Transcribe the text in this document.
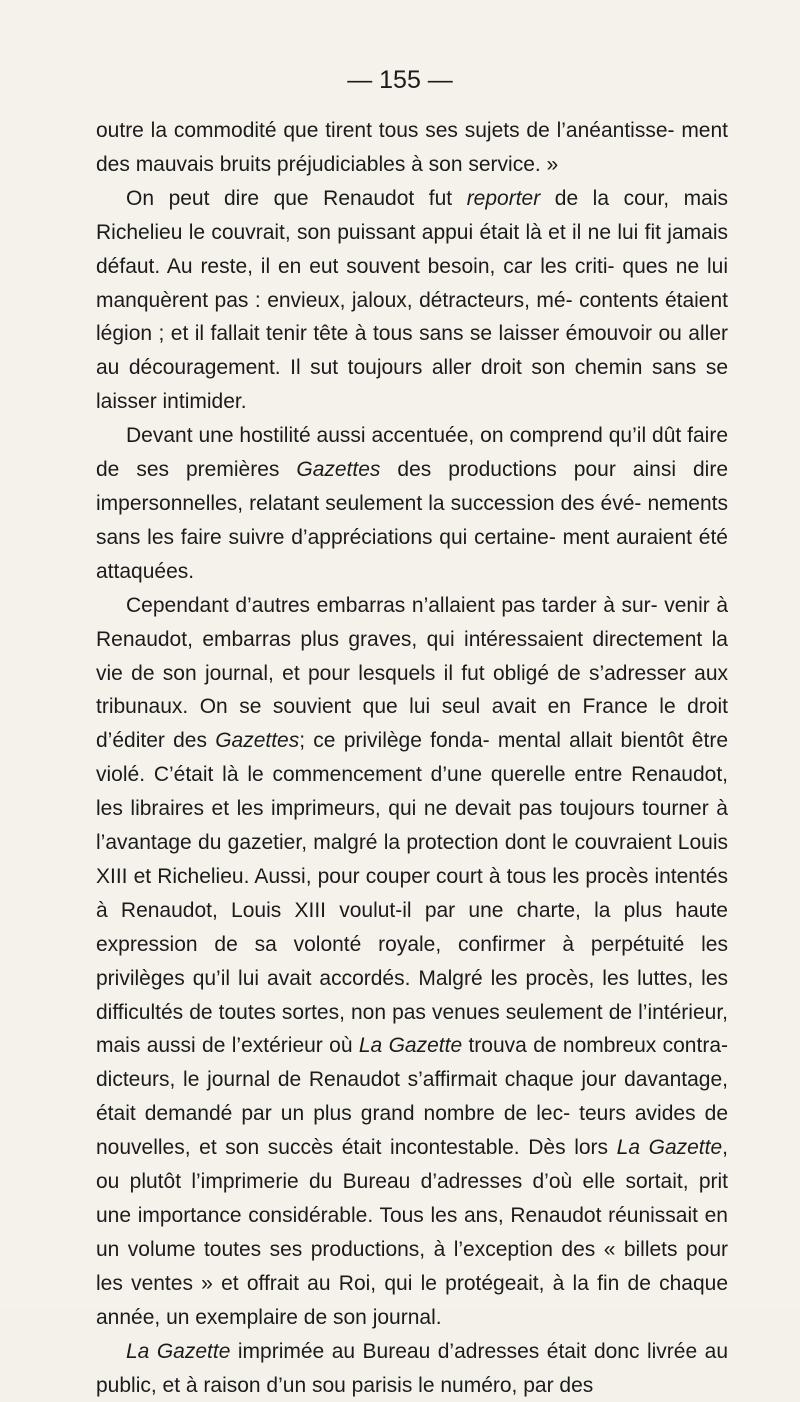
— 155 —

outre la commodité que tirent tous ses sujets de l’anéantisse- ment des mauvais bruits préjudiciables à son service. »

On peut dire que Renaudot fut reporter de la cour, mais Richelieu le couvrait, son puissant appui était là et il ne lui fit jamais défaut. Au reste, il en eut souvent besoin, car les criti- ques ne lui manquèrent pas : envieux, jaloux, détracteurs, mé- contents étaient légion ; et il fallait tenir tête à tous sans se laisser émouvoir ou aller au découragement. Il sut toujours aller droit son chemin sans se laisser intimider.

Devant une hostilité aussi accentuée, on comprend qu’il dût faire de ses premières Gazettes des productions pour ainsi dire impersonnelles, relatant seulement la succession des évé- nements sans les faire suivre d’appréciations qui certaine- ment auraient été attaquées.

Cependant d’autres embarras n’allaient pas tarder à sur- venir à Renaudot, embarras plus graves, qui intéressaient directement la vie de son journal, et pour lesquels il fut obligé de s’adresser aux tribunaux. On se souvient que lui seul avait en France le droit d’éditer des Gazettes; ce privilège fonda- mental allait bientôt être violé. C’était là le commencement d’une querelle entre Renaudot, les libraires et les imprimeurs, qui ne devait pas toujours tourner à l’avantage du gazetier, malgré la protection dont le couvraient Louis XIII et Richelieu. Aussi, pour couper court à tous les procès intentés à Renaudot, Louis XIII voulut-il par une charte, la plus haute expression de sa volonté royale, confirmer à perpétuité les privilèges qu’il lui avait accordés. Malgré les procès, les luttes, les difficultés de toutes sortes, non pas venues seulement de l’intérieur, mais aussi de l’extérieur où La Gazette trouva de nombreux contra- dicteurs, le journal de Renaudot s’affirmait chaque jour davantage, était demandé par un plus grand nombre de lec- teurs avides de nouvelles, et son succès était incontestable. Dès lors La Gazette, ou plutôt l’imprimerie du Bureau d’adresses d’où elle sortait, prit une importance considérable. Tous les ans, Renaudot réunissait en un volume toutes ses productions, à l’exception des « billets pour les ventes » et offrait au Roi, qui le protégeait, à la fin de chaque année, un exemplaire de son journal.

La Gazette imprimée au Bureau d’adresses était donc livrée au public, et à raison d’un sou parisis le numéro, par des
